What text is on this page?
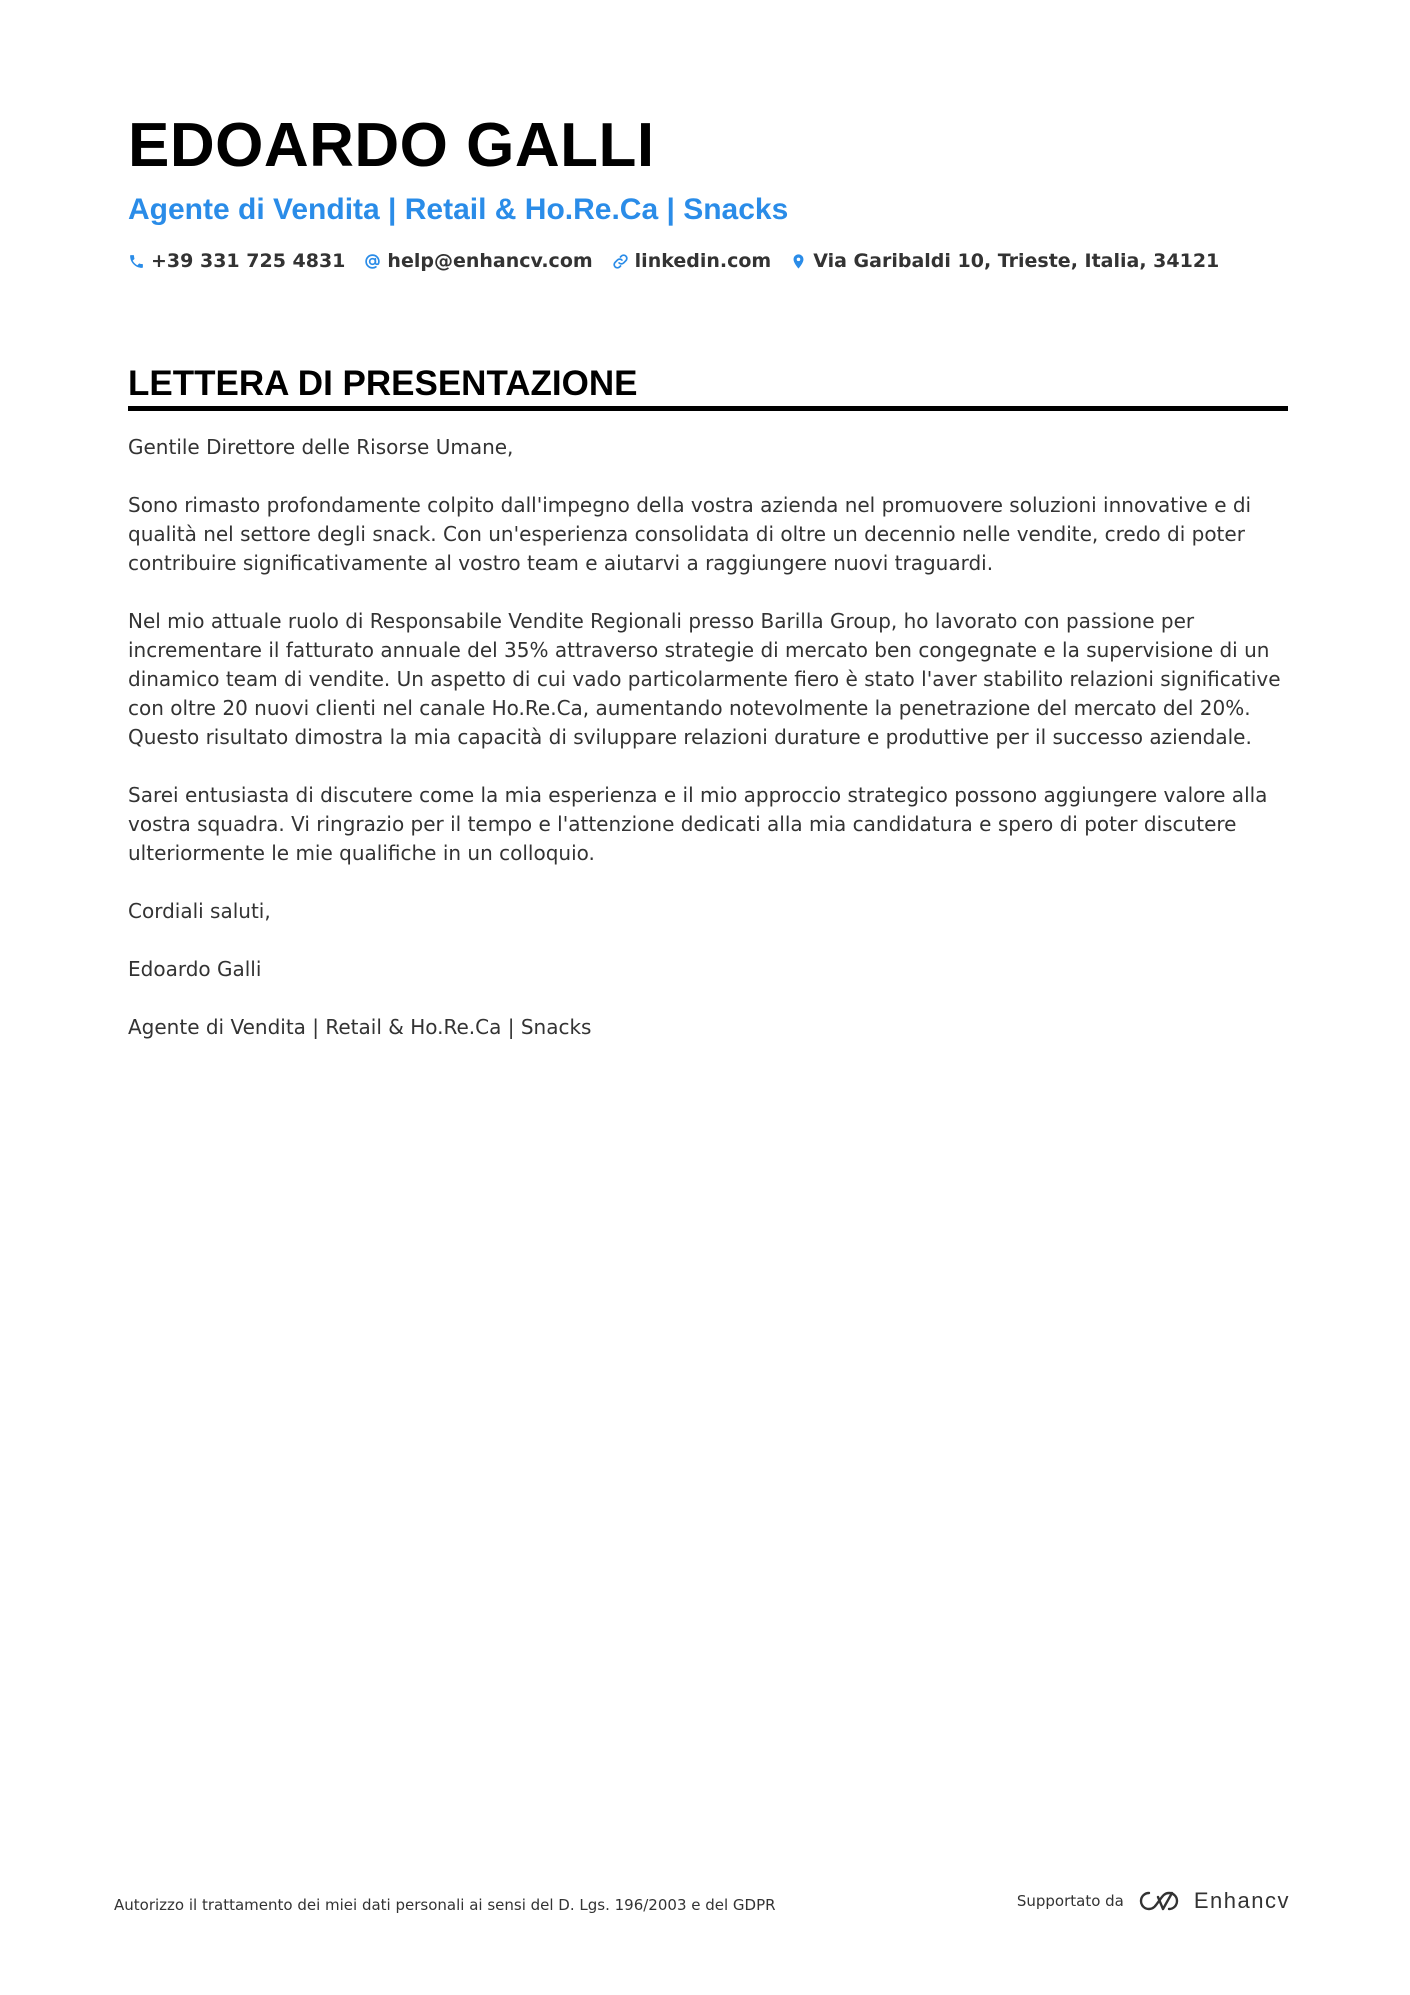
EDOARDO GALLI
Agente di Vendita | Retail & Ho.Re.Ca | Snacks
+39 331 725 4831 help@enhancv.com linkedin.com Via Garibaldi 10, Trieste, Italia, 34121
LETTERA DI PRESENTAZIONE

Gentile Direttore delle Risorse Umane,

Sono rimasto profondamente colpito dall'impegno della vostra azienda nel promuovere soluzioni innovative e di qualità nel settore degli snack. Con un'esperienza consolidata di oltre un decennio nelle vendite, credo di poter contribuire significativamente al vostro team e aiutarvi a raggiungere nuovi traguardi.

Nel mio attuale ruolo di Responsabile Vendite Regionali presso Barilla Group, ho lavorato con passione per incrementare il fatturato annuale del 35% attraverso strategie di mercato ben congegnate e la supervisione di un dinamico team di vendite. Un aspetto di cui vado particolarmente fiero è stato l'aver stabilito relazioni significative con oltre 20 nuovi clienti nel canale Ho.Re.Ca, aumentando notevolmente la penetrazione del mercato del 20%. Questo risultato dimostra la mia capacità di sviluppare relazioni durature e produttive per il successo aziendale.

Sarei entusiasta di discutere come la mia esperienza e il mio approccio strategico possono aggiungere valore alla vostra squadra. Vi ringrazio per il tempo e l'attenzione dedicati alla mia candidatura e spero di poter discutere ulteriormente le mie qualifiche in un colloquio.

Cordiali saluti,

Edoardo Galli

Agente di Vendita | Retail & Ho.Re.Ca | Snacks

Autorizzo il trattamento dei miei dati personali ai sensi del D. Lgs. 196/2003 e del GDPR	Supportato da	Enhancv
